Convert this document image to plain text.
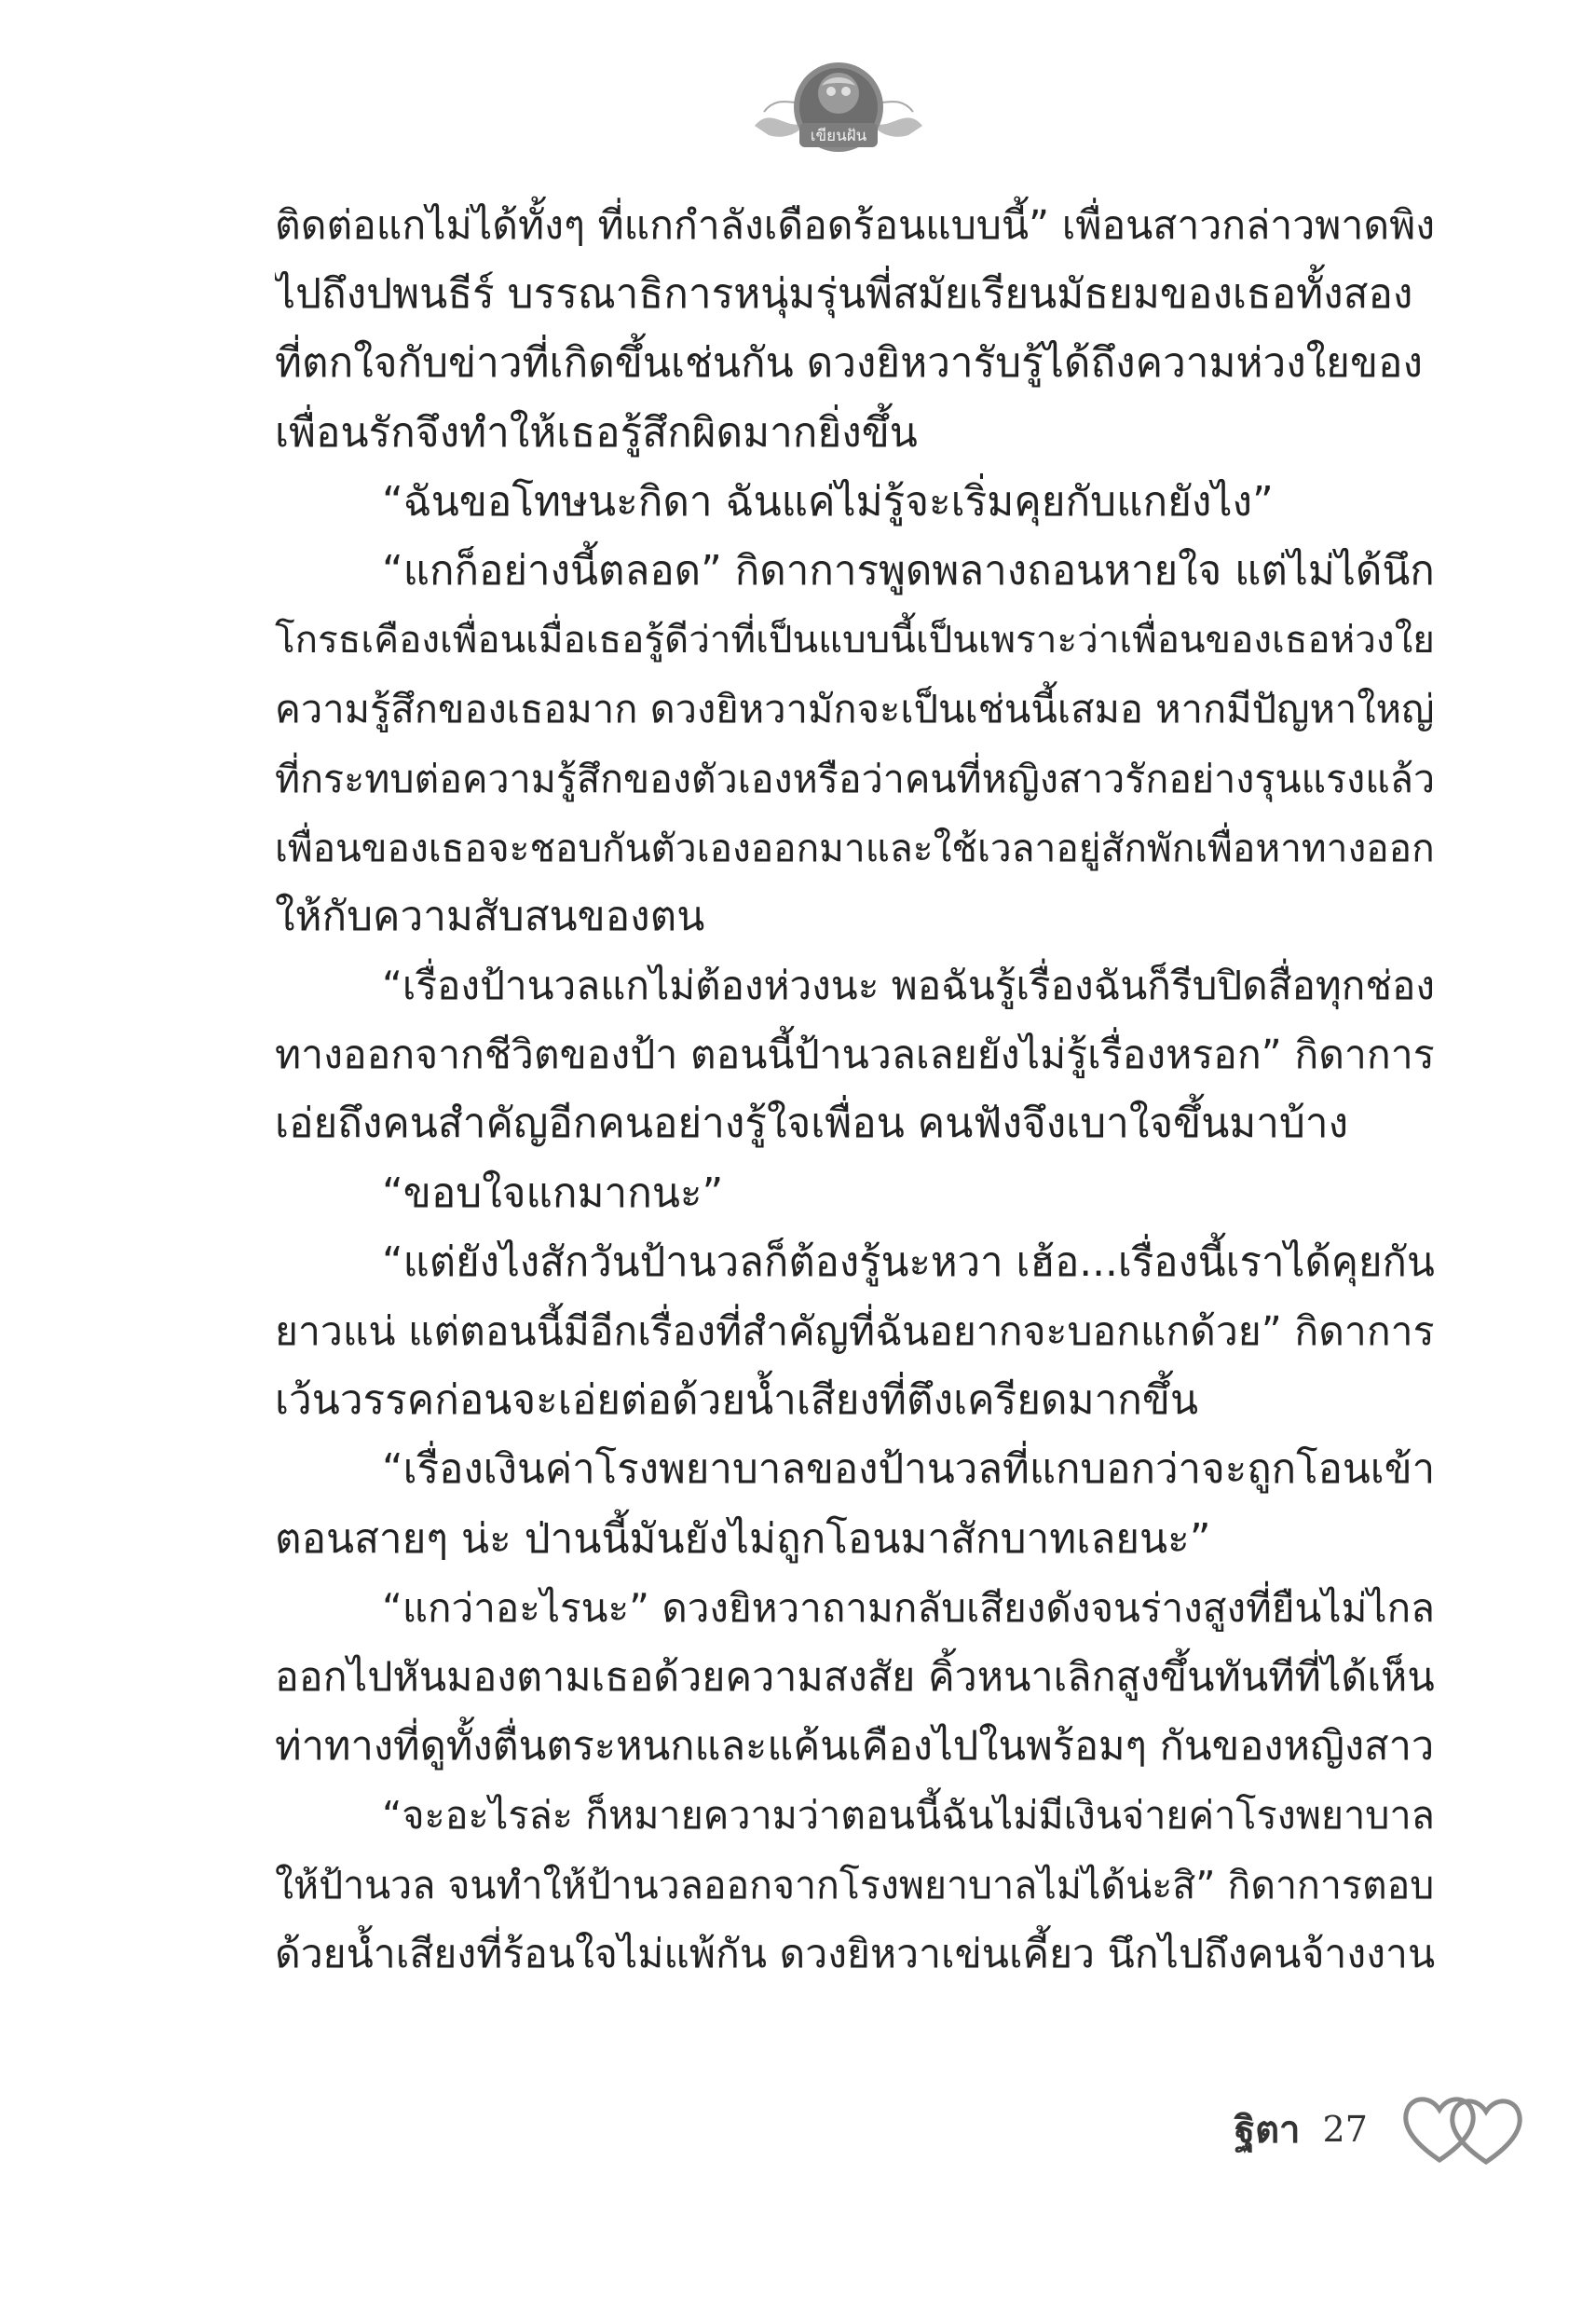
เขียนฝัน
ติดต่อแกไม่ได้ทั้งๆ ที่แกกำลังเดือดร้อนแบบนี้” เพื่อนสาวกล่าวพาดพิง
ไปถึงปพนธีร์ บรรณาธิการหนุ่มรุ่นพี่สมัยเรียนมัธยมของเธอทั้งสอง
ที่ตกใจกับข่าวที่เกิดขึ้นเช่นกัน ดวงยิหวารับรู้ได้ถึงความห่วงใยของ
เพื่อนรักจึงทำให้เธอรู้สึกผิดมากยิ่งขึ้น
“ฉันขอโทษนะกิดา ฉันแค่ไม่รู้จะเริ่มคุยกับแกยังไง”
“แกก็อย่างนี้ตลอด” กิดาการพูดพลางถอนหายใจ แต่ไม่ได้นึก
โกรธเคืองเพื่อนเมื่อเธอรู้ดีว่าที่เป็นแบบนี้เป็นเพราะว่าเพื่อนของเธอห่วงใย
ความรู้สึกของเธอมาก ดวงยิหวามักจะเป็นเช่นนี้เสมอ หากมีปัญหาใหญ่
ที่กระทบต่อความรู้สึกของตัวเองหรือว่าคนที่หญิงสาวรักอย่างรุนแรงแล้ว
เพื่อนของเธอจะชอบกันตัวเองออกมาและใช้เวลาอยู่สักพักเพื่อหาทางออก
ให้กับความสับสนของตน
“เรื่องป้านวลแกไม่ต้องห่วงนะ พอฉันรู้เรื่องฉันก็รีบปิดสื่อทุกช่อง
ทางออกจากชีวิตของป้า ตอนนี้ป้านวลเลยยังไม่รู้เรื่องหรอก” กิดาการ
เอ่ยถึงคนสำคัญอีกคนอย่างรู้ใจเพื่อน คนฟังจึงเบาใจขึ้นมาบ้าง
“ขอบใจแกมากนะ”
“แต่ยังไงสักวันป้านวลก็ต้องรู้นะหวา เฮ้อ...เรื่องนี้เราได้คุยกัน
ยาวแน่ แต่ตอนนี้มีอีกเรื่องที่สำคัญที่ฉันอยากจะบอกแกด้วย” กิดาการ
เว้นวรรคก่อนจะเอ่ยต่อด้วยน้ำเสียงที่ตึงเครียดมากขึ้น
“เรื่องเงินค่าโรงพยาบาลของป้านวลที่แกบอกว่าจะถูกโอนเข้า
ตอนสายๆ น่ะ ป่านนี้มันยังไม่ถูกโอนมาสักบาทเลยนะ”
“แกว่าอะไรนะ” ดวงยิหวาถามกลับเสียงดังจนร่างสูงที่ยืนไม่ไกล
ออกไปหันมองตามเธอด้วยความสงสัย คิ้วหนาเลิกสูงขึ้นทันทีที่ได้เห็น
ท่าทางที่ดูทั้งตื่นตระหนกและแค้นเคืองไปในพร้อมๆ กันของหญิงสาว
“จะอะไรล่ะ ก็หมายความว่าตอนนี้ฉันไม่มีเงินจ่ายค่าโรงพยาบาล
ให้ป้านวล จนทำให้ป้านวลออกจากโรงพยาบาลไม่ได้น่ะสิ” กิดาการตอบ
ด้วยน้ำเสียงที่ร้อนใจไม่แพ้กัน ดวงยิหวาเข่นเคี้ยว นึกไปถึงคนจ้างงาน
ฐิตา 27
